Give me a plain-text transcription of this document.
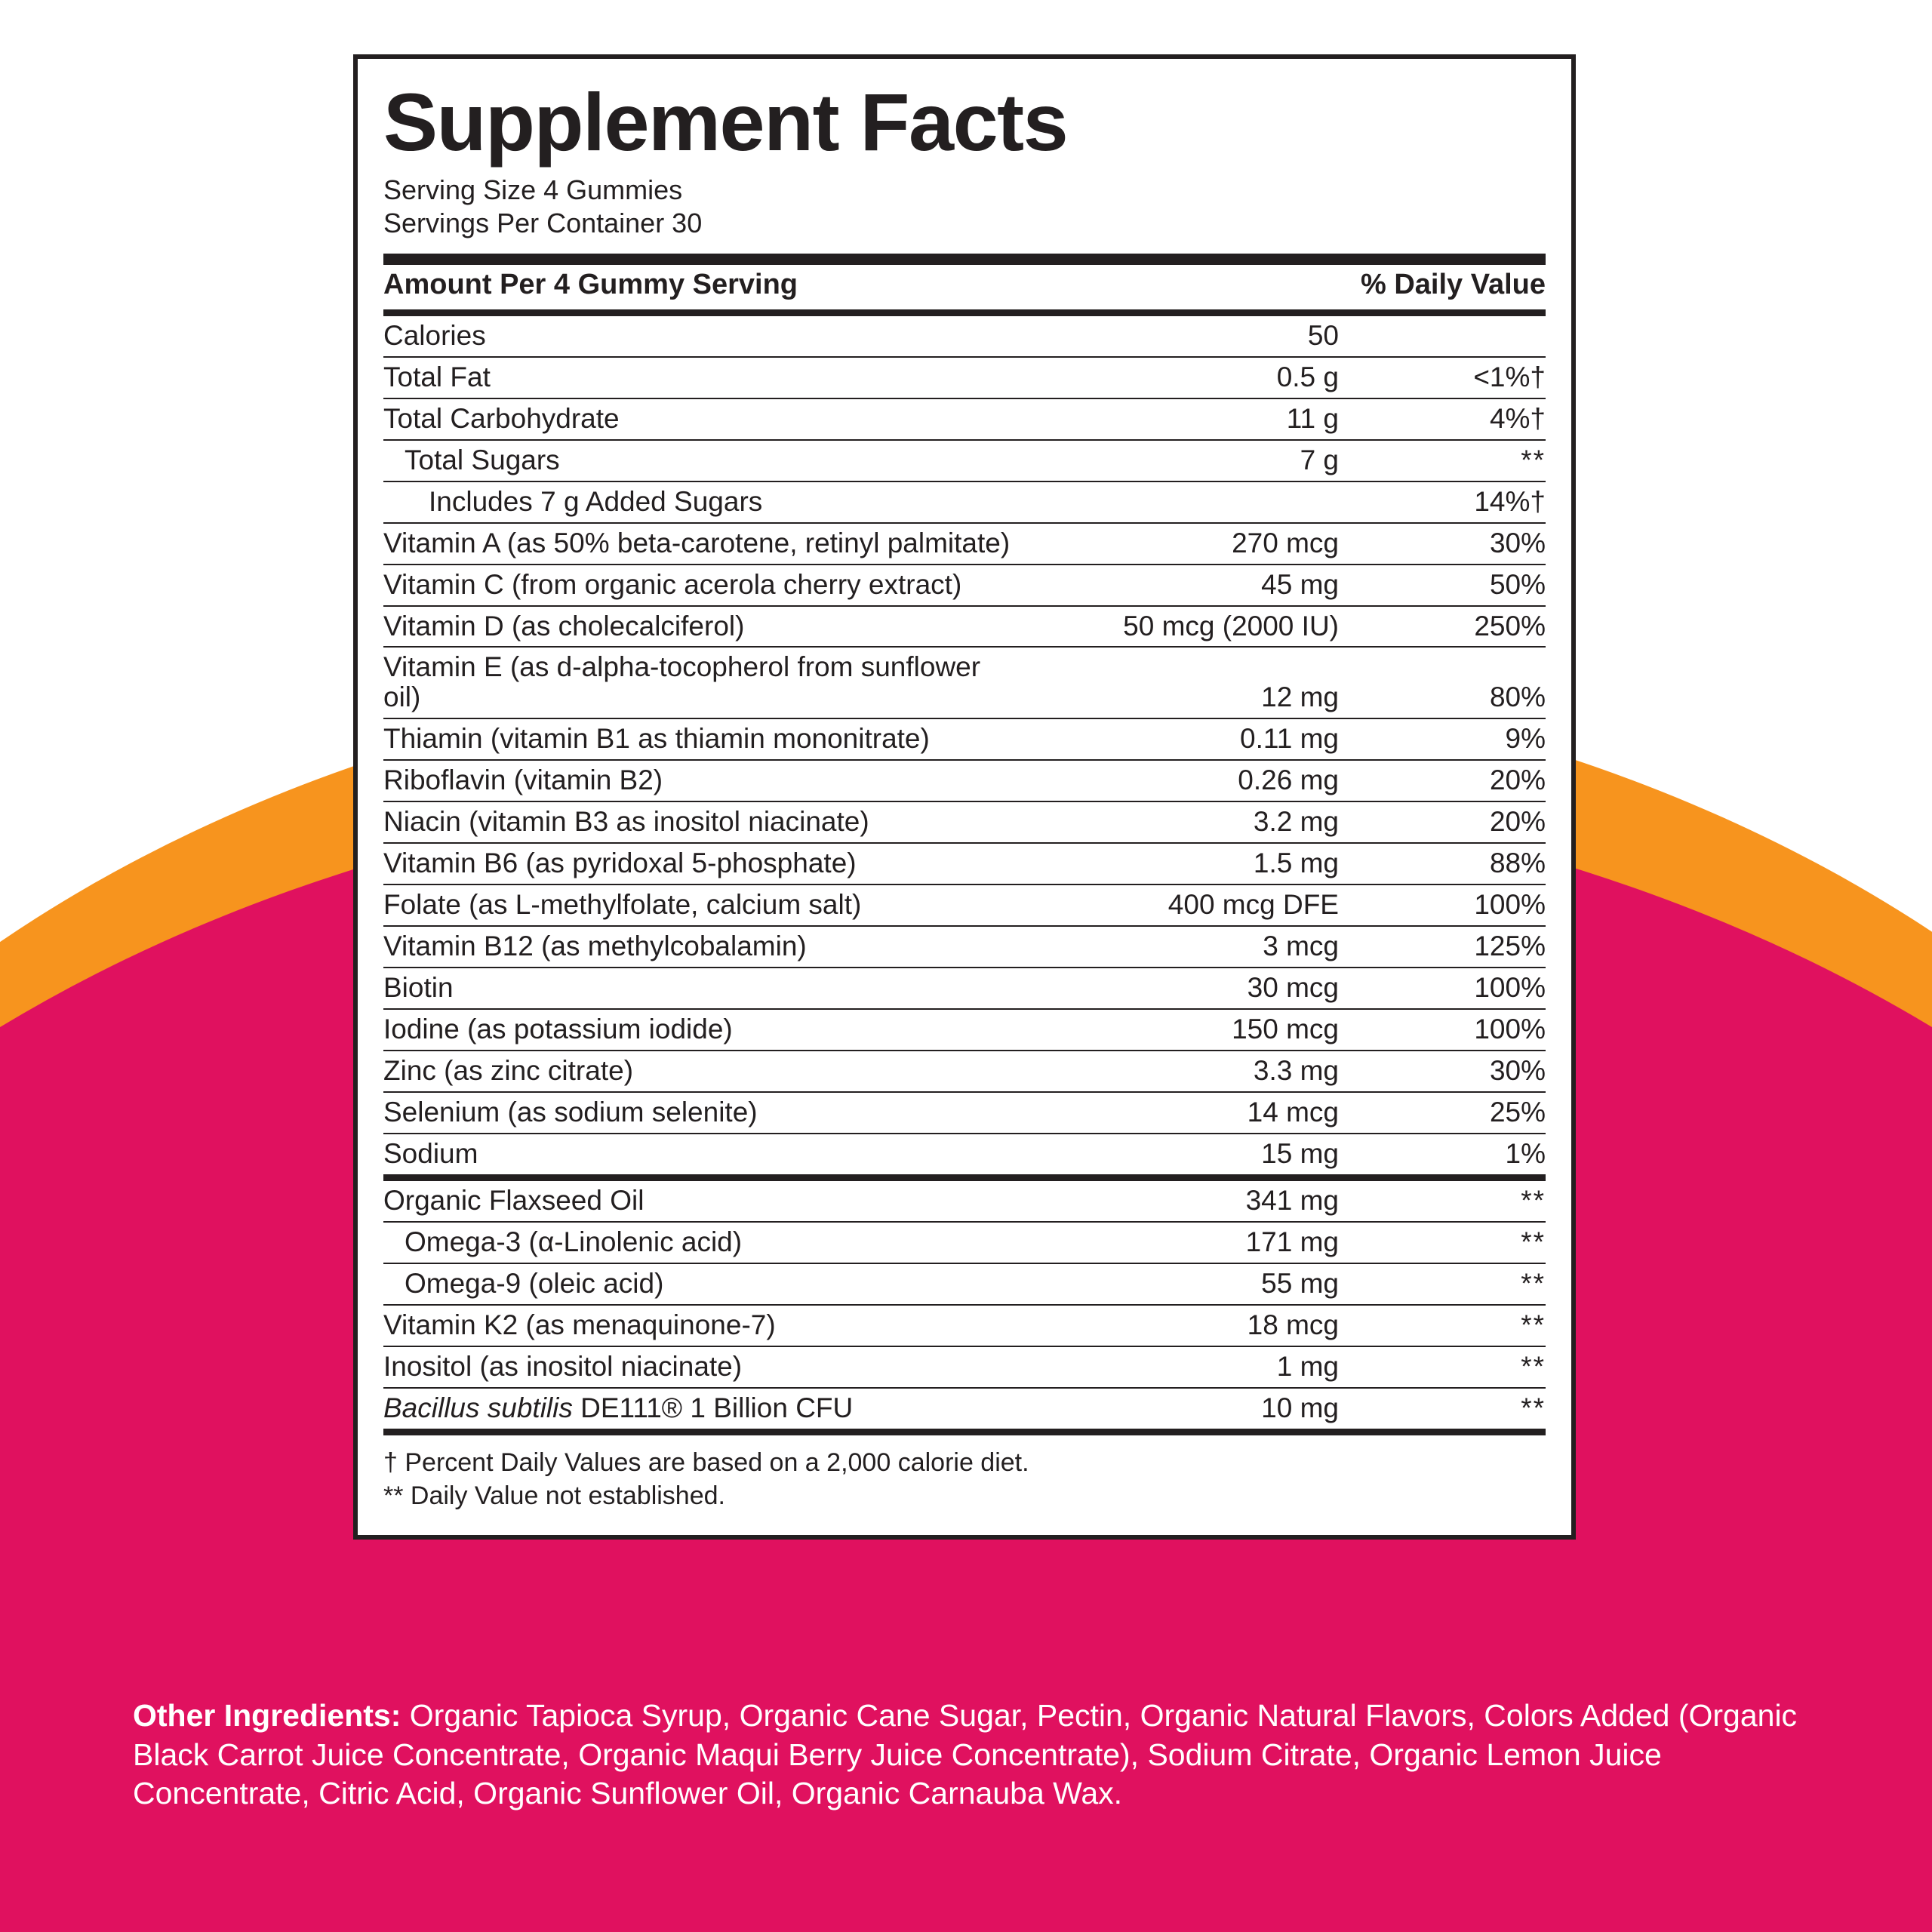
Supplement Facts
Serving Size 4 Gummies
Servings Per Container 30
Amount Per 4 Gummy Serving		% Daily Value
Calories	50	
Total Fat	0.5 g	<1%†
Total Carbohydrate	11 g	4%†
Total Sugars	7 g	**
Includes 7 g Added Sugars		14%†
Vitamin A (as 50% beta-carotene, retinyl palmitate)	270 mcg	30%
Vitamin C (from organic acerola cherry extract)	45 mg	50%
Vitamin D (as cholecalciferol)	50 mcg (2000 IU)	250%
Vitamin E (as d-alpha-tocopherol from sunflower oil)	12 mg	80%
Thiamin (vitamin B1 as thiamin mononitrate)	0.11 mg	9%
Riboflavin (vitamin B2)	0.26 mg	20%
Niacin (vitamin B3 as inositol niacinate)	3.2 mg	20%
Vitamin B6 (as pyridoxal 5-phosphate)	1.5 mg	88%
Folate (as L-methylfolate, calcium salt)	400 mcg DFE	100%
Vitamin B12 (as methylcobalamin)	3 mcg	125%
Biotin	30 mcg	100%
Iodine (as potassium iodide)	150 mcg	100%
Zinc (as zinc citrate)	3.3 mg	30%
Selenium (as sodium selenite)	14 mcg	25%
Sodium	15 mg	1%
Organic Flaxseed Oil	341 mg	**
Omega-3 (α-Linolenic acid)	171 mg	**
Omega-9 (oleic acid)	55 mg	**
Vitamin K2 (as menaquinone-7)	18 mcg	**
Inositol (as inositol niacinate)	1 mg	**
Bacillus subtilis DE111® 1 Billion CFU	10 mg	**
† Percent Daily Values are based on a 2,000 calorie diet.
** Daily Value not established.
Other Ingredients: Organic Tapioca Syrup, Organic Cane Sugar, Pectin, Organic Natural Flavors, Colors Added (Organic Black Carrot Juice Concentrate, Organic Maqui Berry Juice Concentrate), Sodium Citrate, Organic Lemon Juice Concentrate, Citric Acid, Organic Sunflower Oil, Organic Carnauba Wax.
